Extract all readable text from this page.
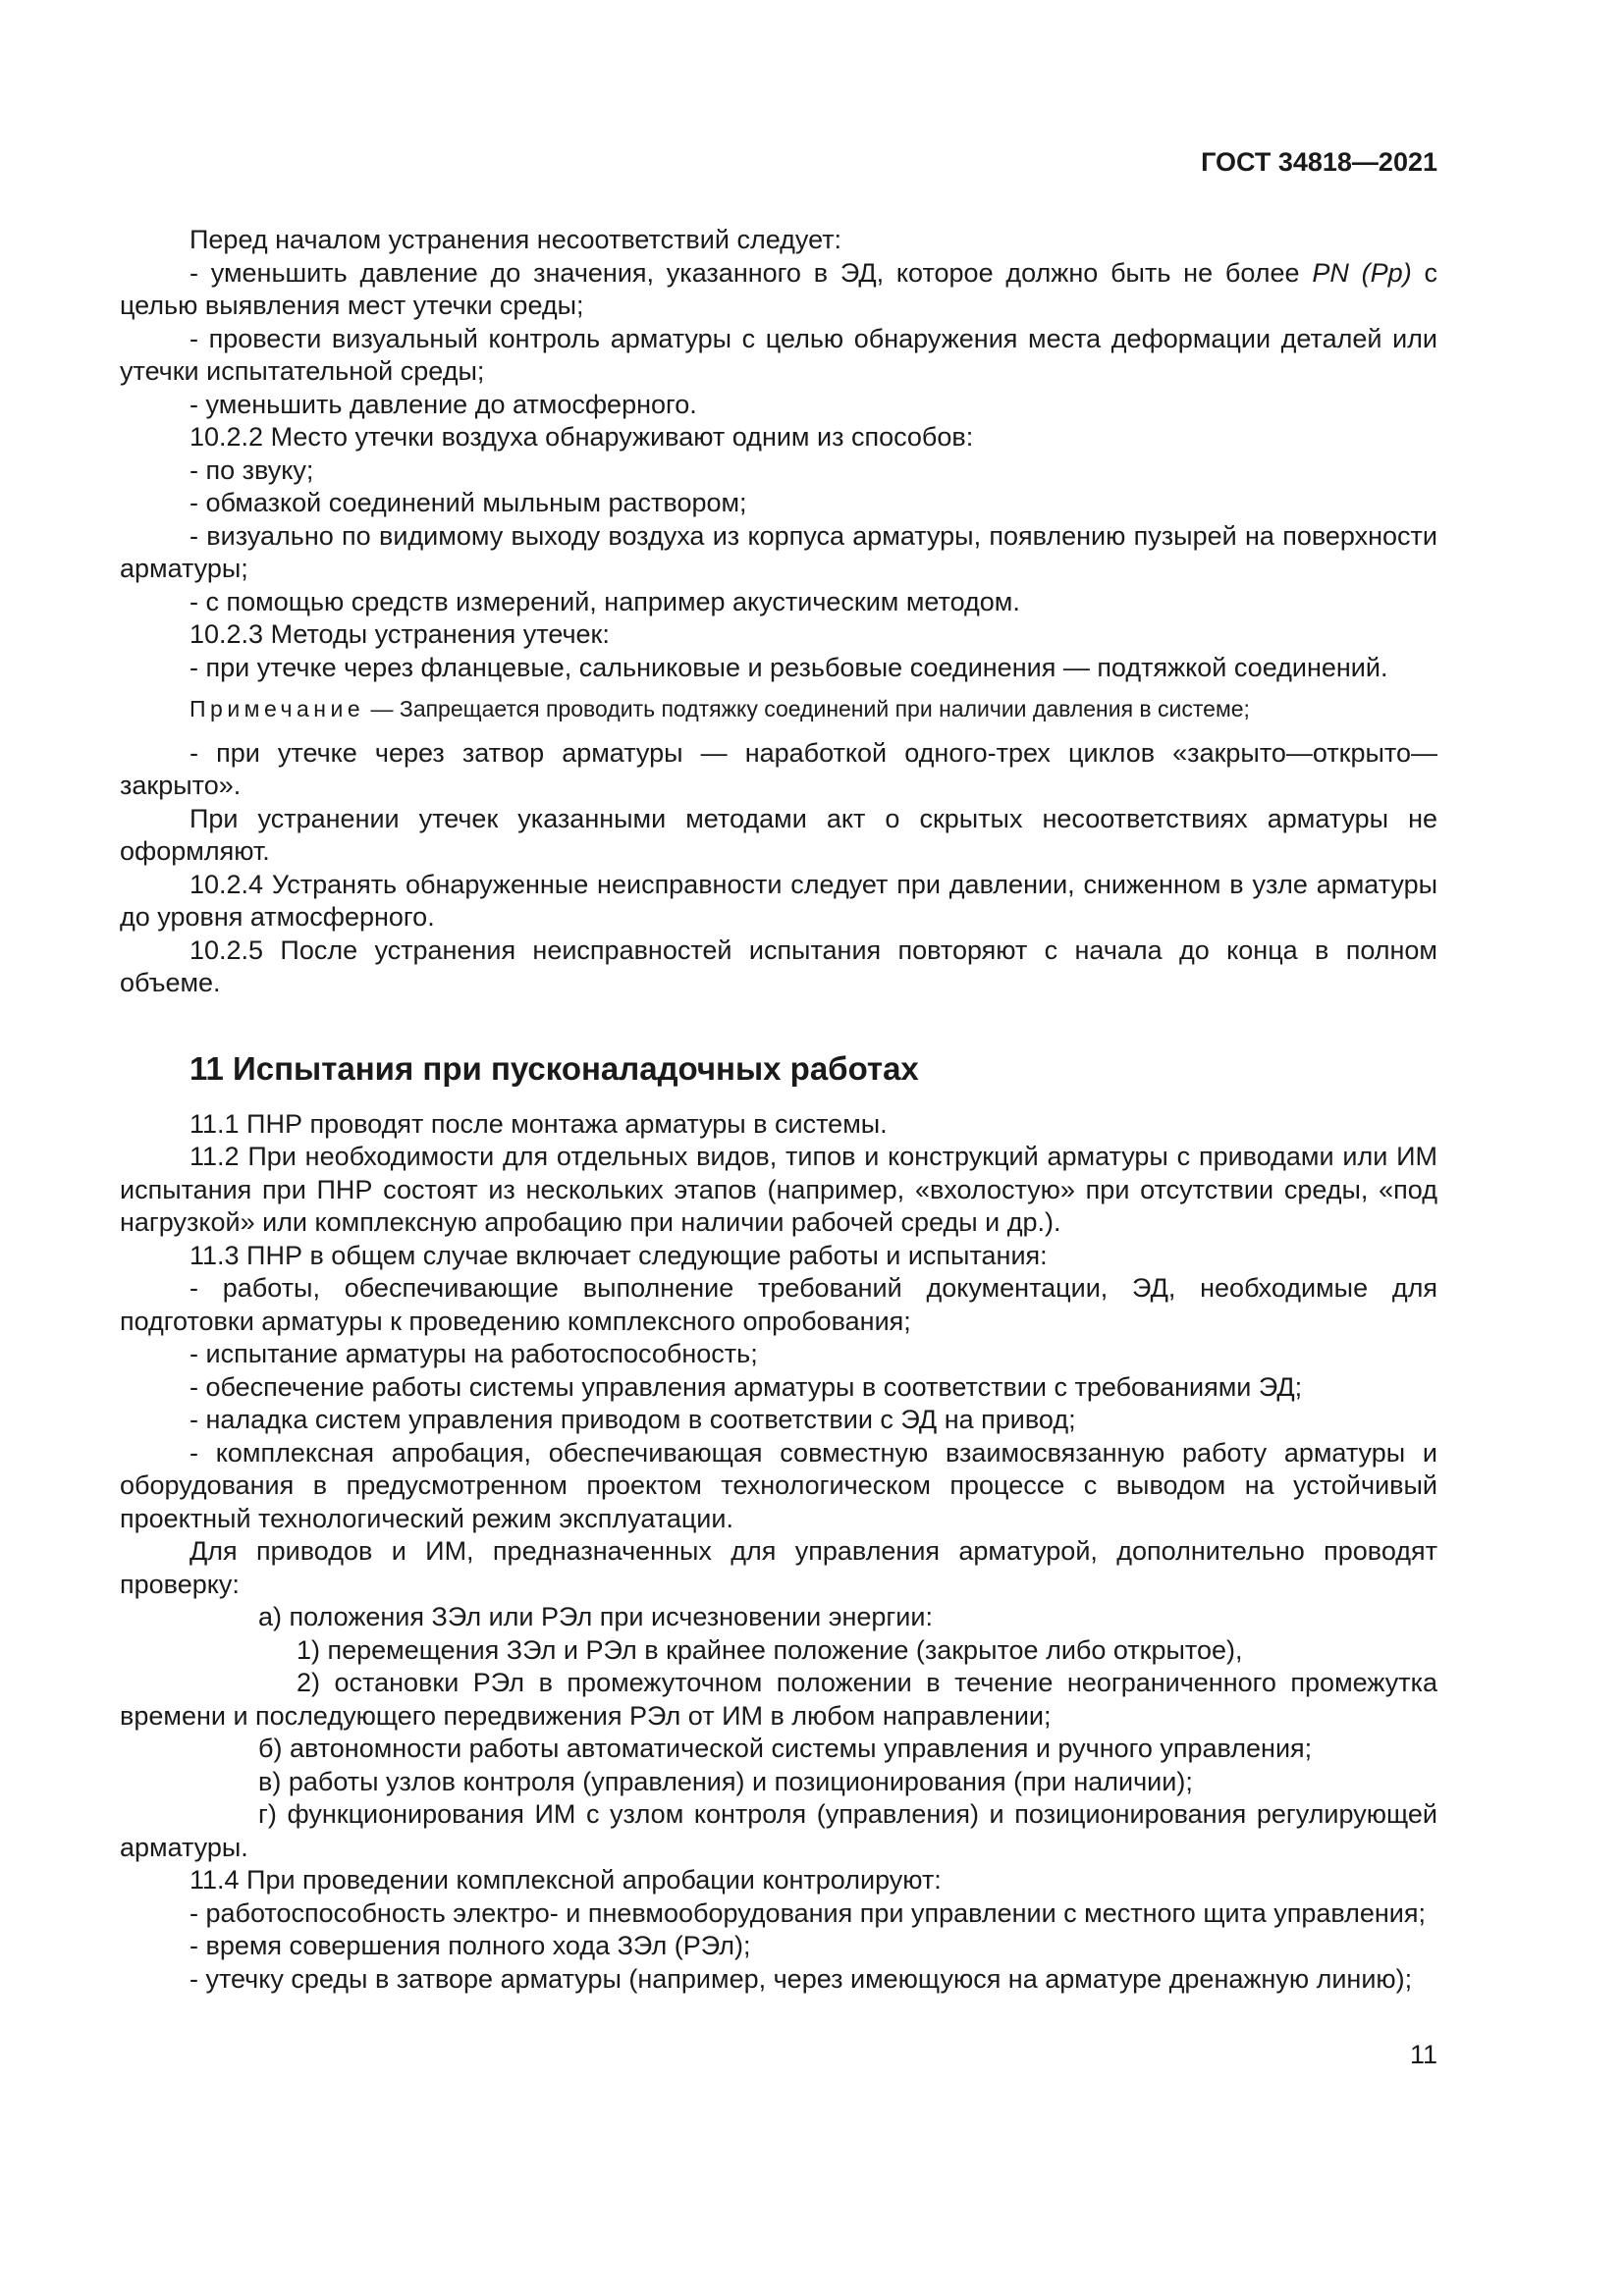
ГОСТ 34818—2021

Перед началом устранения несоответствий следует:

- уменьшить давление до значения, указанного в ЭД, которое должно быть не более PN (Pp) с целью выявления мест утечки среды;

- провести визуальный контроль арматуры с целью обнаружения места деформации деталей или утечки испытательной среды;

- уменьшить давление до атмосферного.

10.2.2 Место утечки воздуха обнаруживают одним из способов:

- по звуку;

- обмазкой соединений мыльным раствором;

- визуально по видимому выходу воздуха из корпуса арматуры, появлению пузырей на поверхности арматуры;

- с помощью средств измерений, например акустическим методом.

10.2.3 Методы устранения утечек:

- при утечке через фланцевые, сальниковые и резьбовые соединения — подтяжкой соединений.

Примечание — Запрещается проводить подтяжку соединений при наличии давления в системе;

- при утечке через затвор арматуры — наработкой одного-трех циклов «закрыто—открыто—закрыто».

При устранении утечек указанными методами акт о скрытых несоответствиях арматуры не оформляют.

10.2.4 Устранять обнаруженные неисправности следует при давлении, сниженном в узле арматуры до уровня атмосферного.

10.2.5 После устранения неисправностей испытания повторяют с начала до конца в полном объеме.

11 Испытания при пусконаладочных работах

11.1 ПНР проводят после монтажа арматуры в системы.

11.2 При необходимости для отдельных видов, типов и конструкций арматуры с приводами или ИМ испытания при ПНР состоят из нескольких этапов (например, «вхолостую» при отсутствии среды, «под нагрузкой» или комплексную апробацию при наличии рабочей среды и др.).

11.3 ПНР в общем случае включает следующие работы и испытания:

- работы, обеспечивающие выполнение требований документации, ЭД, необходимые для подготовки арматуры к проведению комплексного опробования;

- испытание арматуры на работоспособность;

- обеспечение работы системы управления арматуры в соответствии с требованиями ЭД;

- наладка систем управления приводом в соответствии с ЭД на привод;

- комплексная апробация, обеспечивающая совместную взаимосвязанную работу арматуры и оборудования в предусмотренном проектом технологическом процессе с выводом на устойчивый проектный технологический режим эксплуатации.

Для приводов и ИМ, предназначенных для управления арматурой, дополнительно проводят проверку:

а) положения ЗЭл или РЭл при исчезновении энергии:

1) перемещения ЗЭл и РЭл в крайнее положение (закрытое либо открытое),

2) остановки РЭл в промежуточном положении в течение неограниченного промежутка времени и последующего передвижения РЭл от ИМ в любом направлении;

б) автономности работы автоматической системы управления и ручного управления;

в) работы узлов контроля (управления) и позиционирования (при наличии);

г) функционирования ИМ с узлом контроля (управления) и позиционирования регулирующей арматуры.

11.4 При проведении комплексной апробации контролируют:

- работоспособность электро- и пневмооборудования при управлении с местного щита управления;

- время совершения полного хода ЗЭл (РЭл);

- утечку среды в затворе арматуры (например, через имеющуюся на арматуре дренажную линию);

11
